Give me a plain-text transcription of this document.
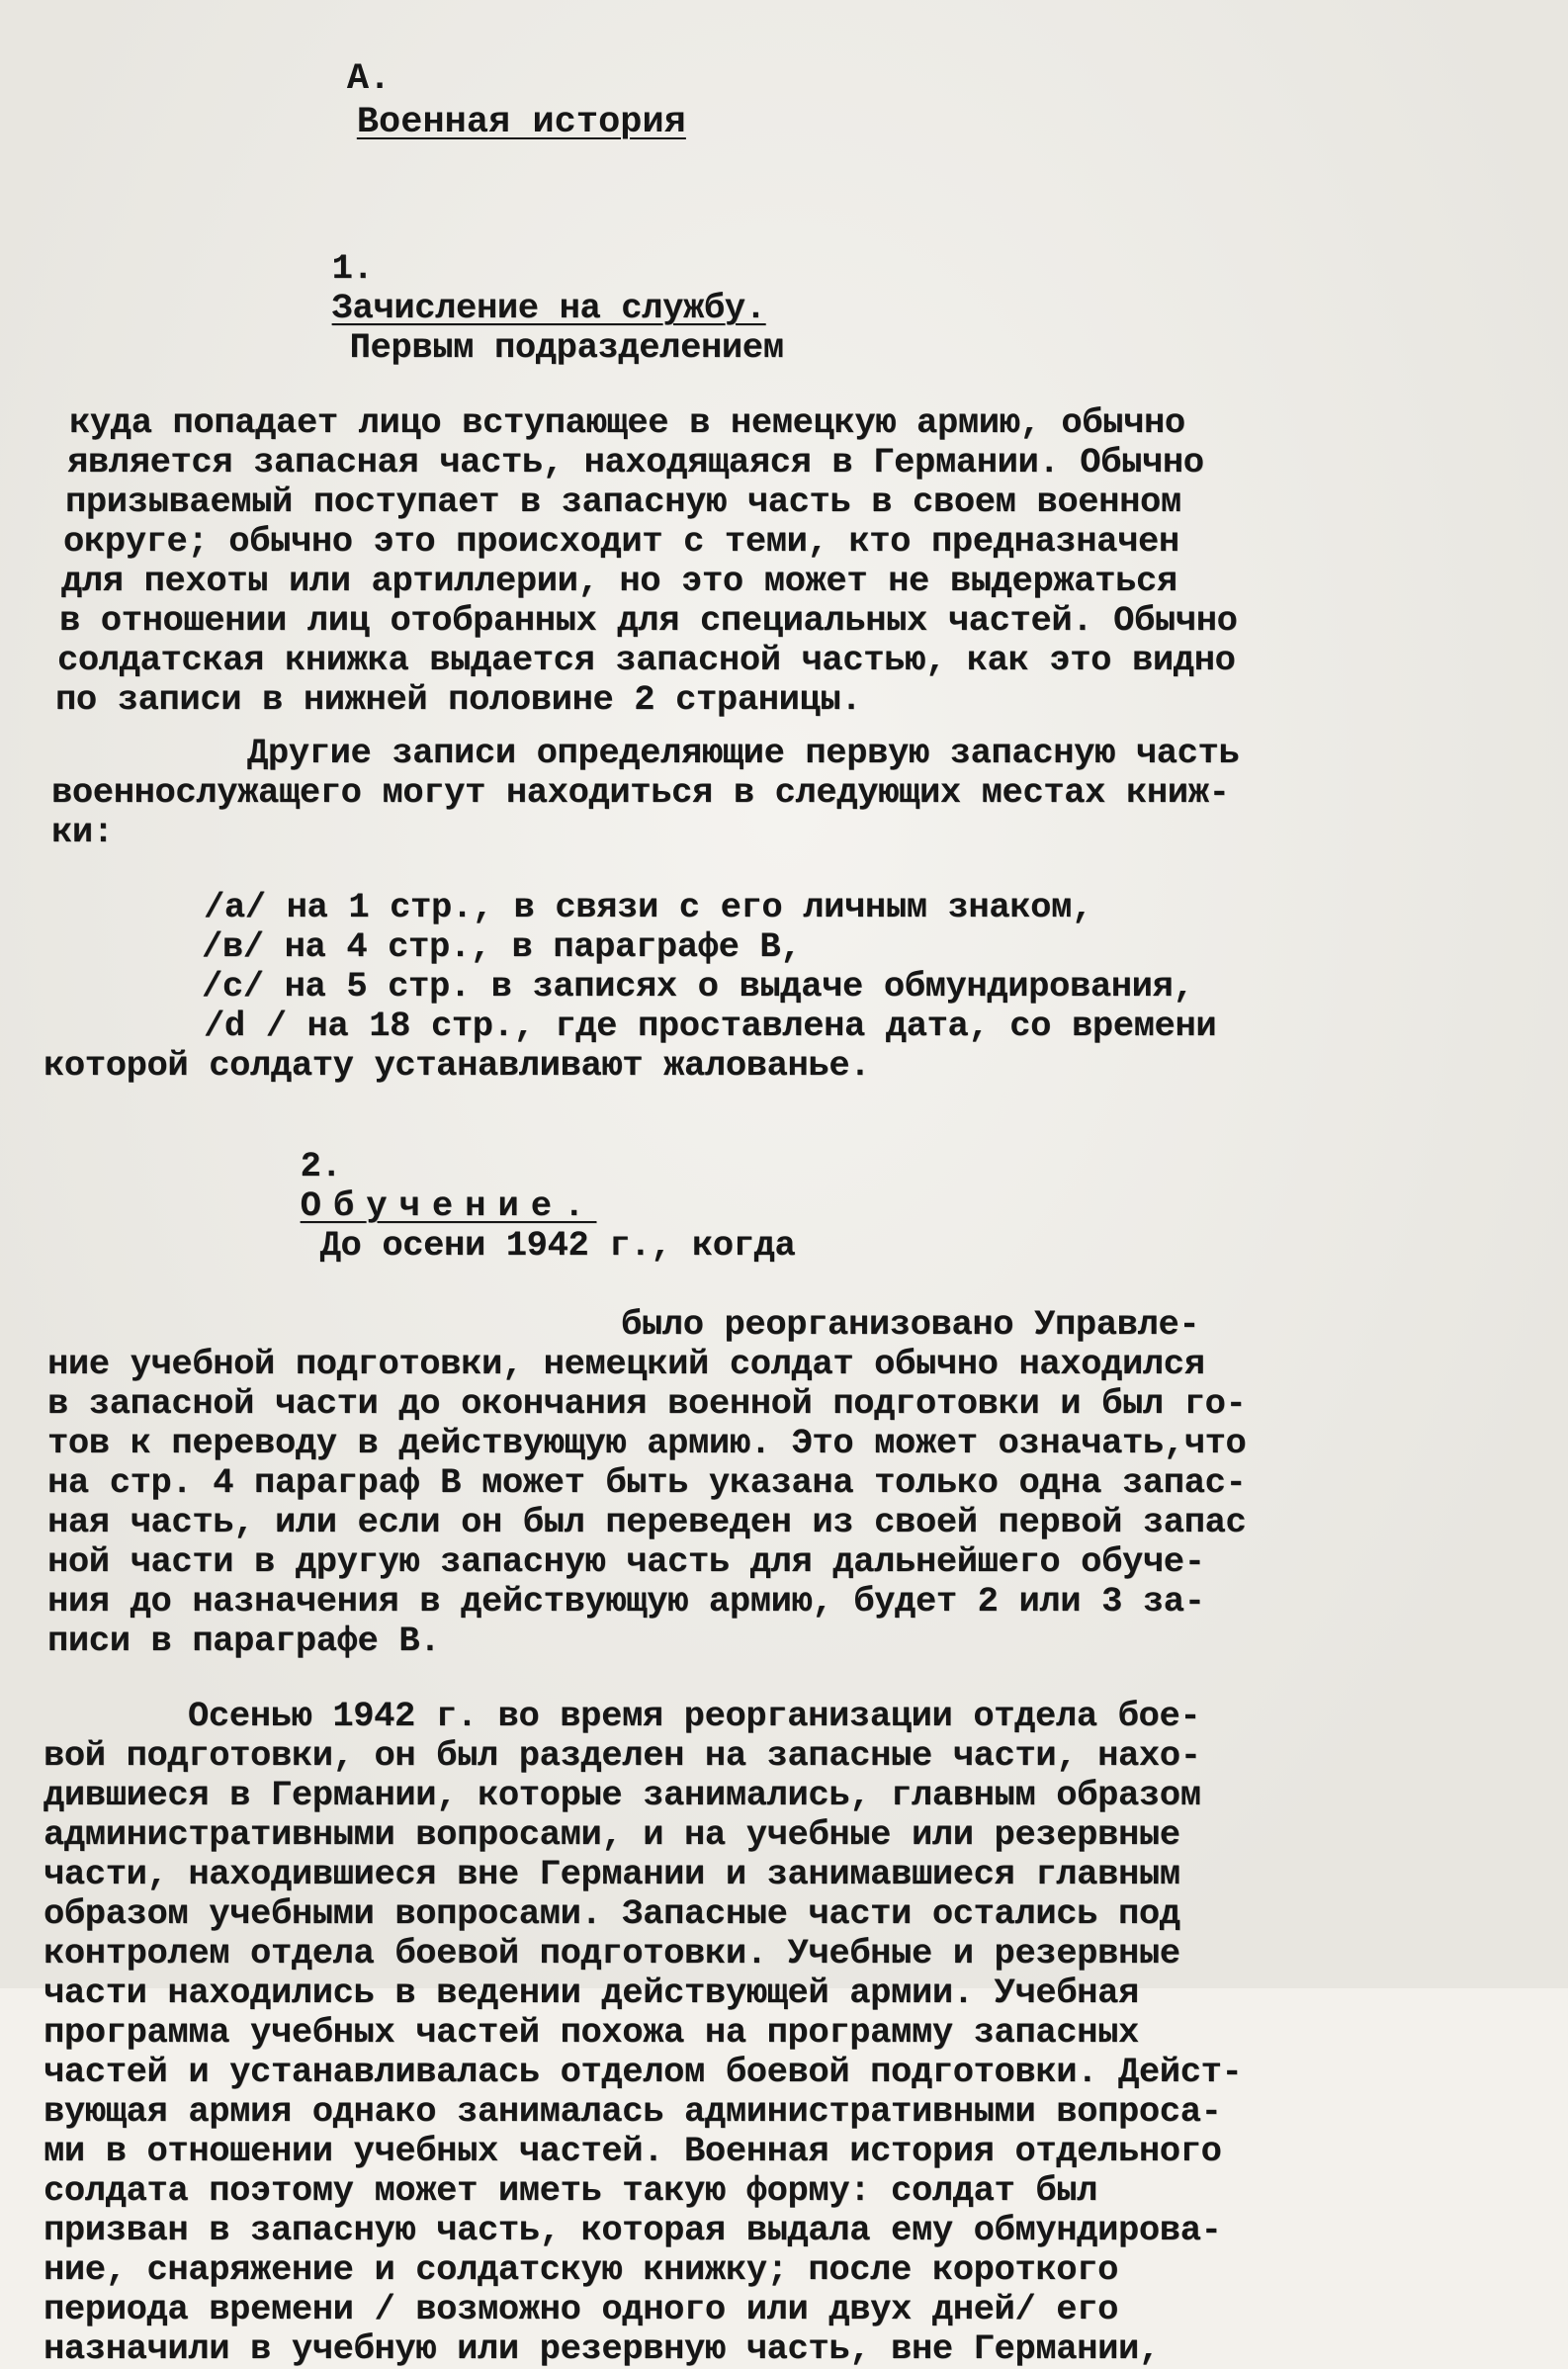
А.
Военная история

1.
Зачисление на службу.
Первым подразделением

куда попадает лицо вступающее в немецкую армию, обычно
является запасная часть, находящаяся в Германии. Обычно
призываемый поступает в запасную часть в своем военном
округе; обычно это происходит с теми, кто предназначен
для пехоты или артиллерии, но это может не выдержаться
в отношении лиц отобранных для специальных частей. Обычно
солдатская книжка выдается запасной частью, как это видно
по записи в нижней половине 2 страницы.
Другие записи определяющие первую запасную часть
военнослужащего могут находиться в следующих местах книж-
ки:
/а/ на 1 стр., в связи с его личным знаком,
/в/ на 4 стр., в параграфе В,
/с/ на 5 стр. в записях о выдаче обмундирования,
/d / на 18 стр., где проставлена дата, со времени
которой солдату устанавливают жалованье.

2.
Обучение.
До осени 1942 г., когда

было реорганизовано Управле-
ние учебной подготовки, немецкий солдат обычно находился
в запасной части до окончания военной подготовки и был го-
тов к переводу в действующую армию. Это может означать,что
на стр. 4 параграф В может быть указана только одна запас-
ная часть, или если он был переведен из своей первой запас
ной части в другую запасную часть для дальнейшего обуче-
ния до назначения в действующую армию, будет 2 или 3 за-
писи в параграфе В.
Осенью 1942 г. во время реорганизации отдела бое-
вой подготовки, он был разделен на запасные части, нахо-
дившиеся в Германии, которые занимались, главным образом
административными вопросами, и на учебные или резервные
части, находившиеся вне Германии и занимавшиеся главным
образом учебными вопросами. Запасные части остались под
контролем отдела боевой подготовки. Учебные и резервные
части находились в ведении действующей армии. Учебная
программа учебных частей похожа на программу запасных
частей и устанавливалась отделом боевой подготовки. Дейст-
вующая армия однако занималась административными вопроса-
ми в отношении учебных частей. Военная история отдельного
солдата поэтому может иметь такую форму: солдат был
призван в запасную часть, которая выдала ему обмундирова-
ние, снаряжение и солдатскую книжку; после короткого
периода времени / возможно одного или двух дней/ его
назначили в учебную или резервную часть, вне Германии,
